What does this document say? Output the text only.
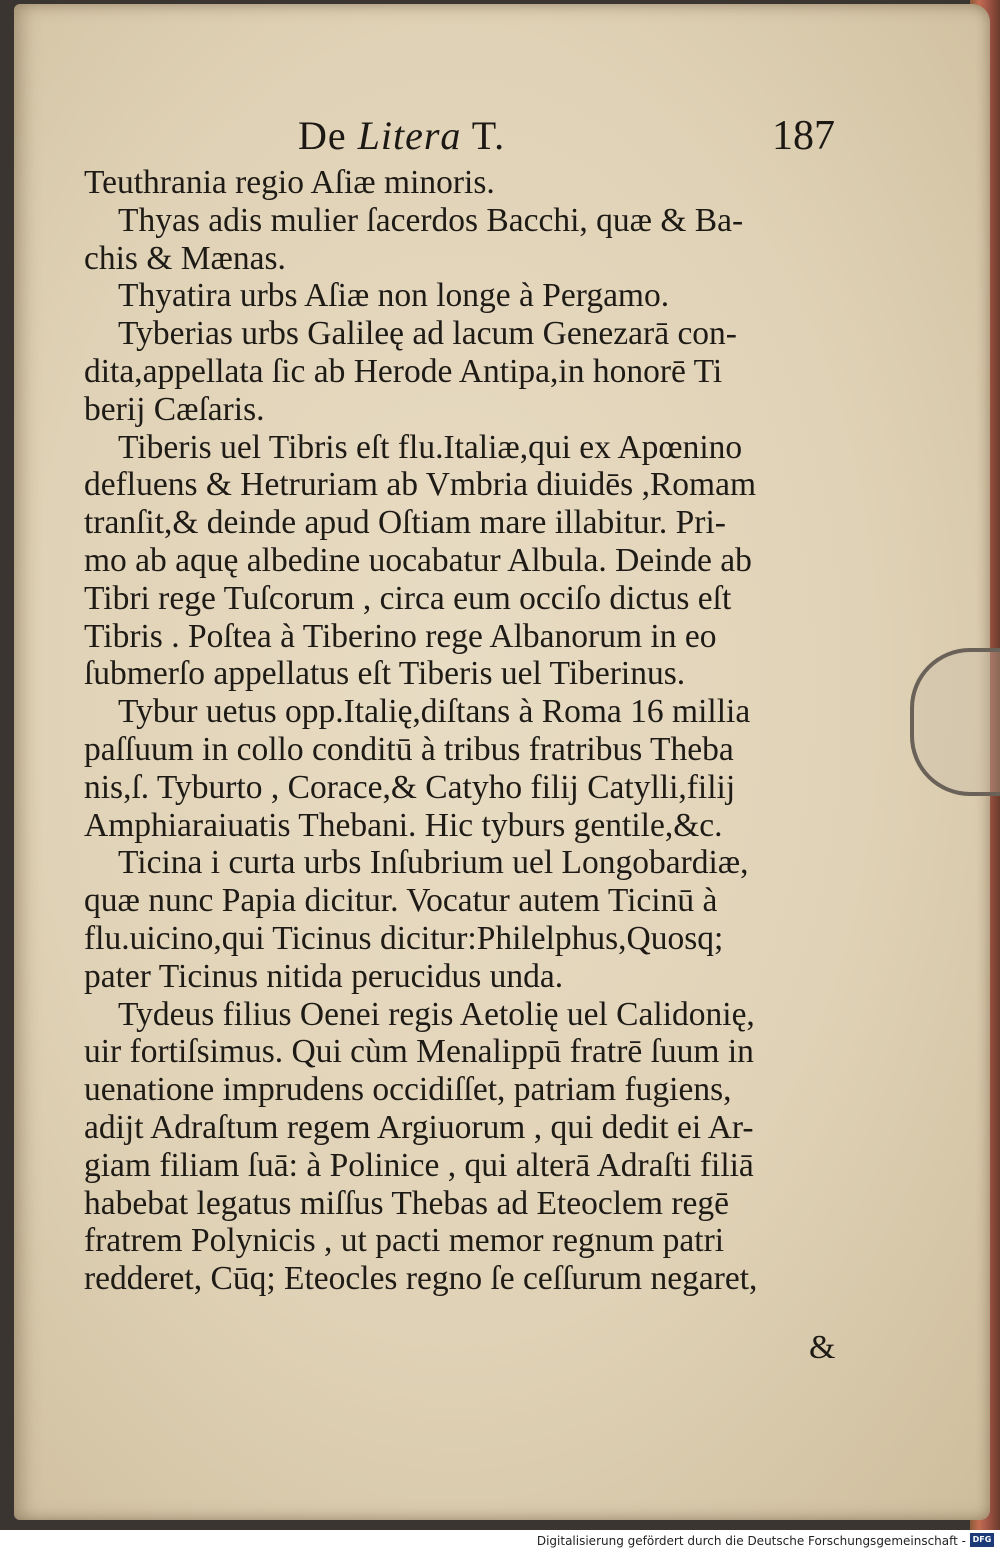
De Litera T.	187
Teuthrania regio Aſiæ minoris.
Thyas adis mulier ſacerdos Bacchi, quæ & Ba-
chis & Mænas.
Thyatira urbs Aſiæ non longe à Pergamo.
Tyberias urbs Galileę ad lacum Genezarā con-
dita,appellata ſic ab Herode Antipa,in honorē Ti
berij Cæſaris.
Tiberis uel Tibris eſt flu.Italiæ,qui ex Apœnino
defluens & Hetruriam ab Vmbria diuidēs ,Romam
tranſit,& deinde apud Oſtiam mare illabitur. Pri-
mo ab aquę albedine uocabatur Albula. Deinde ab
Tibri rege Tuſcorum , circa eum occiſo dictus eſt
Tibris . Poſtea à Tiberino rege Albanorum in eo
ſubmerſo appellatus eſt Tiberis uel Tiberinus.
Tybur uetus opp.Italię,diſtans à Roma 16 millia
paſſuum in collo conditū à tribus fratribus Theba
nis,ſ. Tyburto , Corace,& Catyho filij Catylli,filij
Amphiaraiuatis Thebani. Hic tyburs gentile,&c.
Ticina i curta urbs Inſubrium uel Longobardiæ,
quæ nunc Papia dicitur. Vocatur autem Ticinū à
flu.uicino,qui Ticinus dicitur:Philelphus,Quosq;
pater Ticinus nitida perucidus unda.
Tydeus filius Oenei regis Aetolię uel Calidonię,
uir fortiſsimus. Qui cùm Menalippū fratrē ſuum in
uenatione imprudens occidiſſet, patriam fugiens,
adijt Adraſtum regem Argiuorum , qui dedit ei Ar-
giam filiam ſuā: à Polinice , qui alterā Adraſti filiā
habebat legatus miſſus Thebas ad Eteoclem regē
fratrem Polynicis , ut pacti memor regnum patri
redderet, Cūq; Eteocles regno ſe ceſſurum negaret,
&
Digitalisierung gefördert durch die Deutsche Forschungsgemeinschaft - DFG
